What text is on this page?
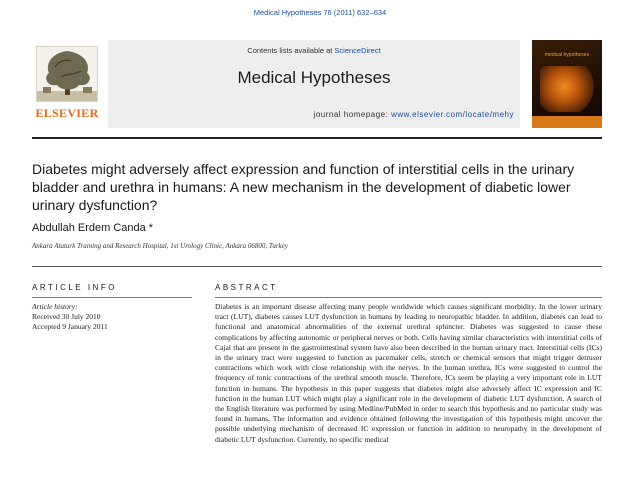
Medical Hypotheses 76 (2011) 632–634
ELSEVIER
Contents lists available at ScienceDirect
Medical Hypotheses
journal homepage: www.elsevier.com/locate/mehy
medical hypotheses
Diabetes might adversely affect expression and function of interstitial cells in the urinary bladder and urethra in humans: A new mechanism in the development of diabetic lower urinary dysfunction?
Abdullah Erdem Canda *
Ankara Ataturk Training and Research Hospital, 1st Urology Clinic, Ankara 06800, Turkey
ARTICLE INFO	ABSTRACT
Article history:
Received 30 July 2010
Accepted 9 January 2011
Diabetes is an important disease affecting many people worldwide which causes significant morbidity. In the lower urinary tract (LUT), diabetes causes LUT dysfunction in humans by leading to neuropathic bladder. In addition, diabetes can lead to functional and anatomical abnormalities of the external urethral sphincter. Diabetes was suggested to cause these complications by affecting autonomic or peripheral nerves or both. Cells having similar characteristics with interstitial cells of Cajal that are present in the gastrointestinal system have also been described in the human urinary tract. Interstitial cells (ICs) in the urinary tract were suggested to function as pacemaker cells, stretch or chemical sensors that might trigger detrusor contractions which work with close relationship with the nerves. In the human urethra, ICs were suggested to control the frequency of tonic contractions of the urethral smooth muscle. Therefore, ICs seem be playing a very important role in LUT function in humans. The hypothesis in this paper suggests that diabetes might also adversely affect IC expression and IC function in the human LUT which might play a significant role in the development of diabetic LUT dysfunction. A search of the English literature was performed by using Medline/PubMed in order to search this hypothesis and no particular study was found in humans. The information and evidence obtained following the investigation of this hypothesis might uncover the possible underlying mechanism of decreased IC expression or function in addition to neuropathy in the development of diabetic LUT dysfunction. Currently, no specific medical
